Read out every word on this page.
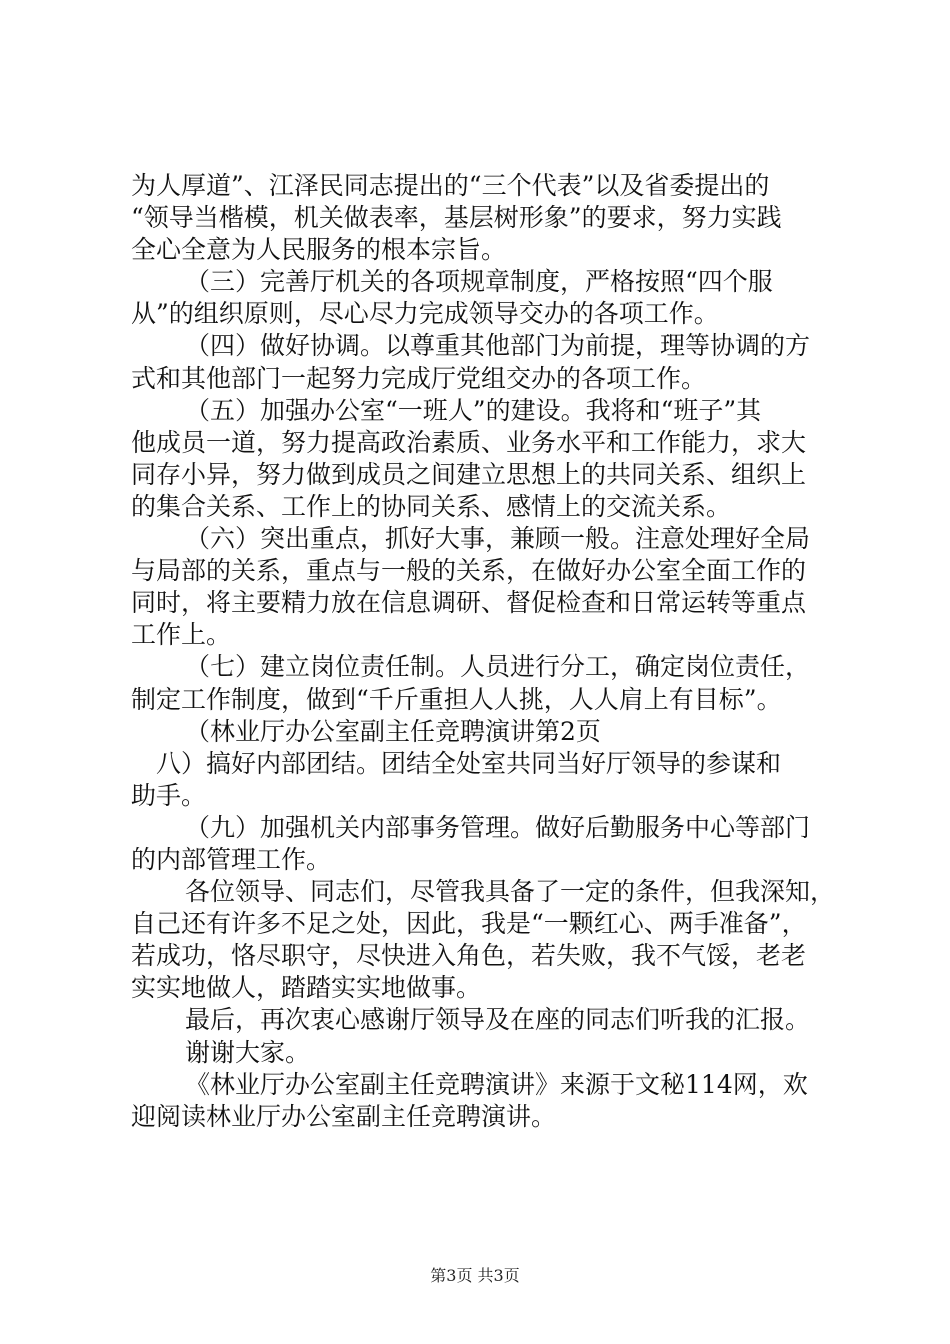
为人厚道”、江泽民同志提出的“三个代表”以及省委提出的
“领导当楷模，机关做表率，基层树形象”的要求，努力实践
全心全意为人民服务的根本宗旨。
（三）完善厅机关的各项规章制度，严格按照“四个服
从”的组织原则，尽心尽力完成领导交办的各项工作。
（四）做好协调。以尊重其他部门为前提，理等协调的方
式和其他部门一起努力完成厅党组交办的各项工作。
（五）加强办公室“一班人”的建设。我将和“班子”其
他成员一道，努力提高政治素质、业务水平和工作能力，求大
同存小异，努力做到成员之间建立思想上的共同关系、组织上
的集合关系、工作上的协同关系、感情上的交流关系。
（六）突出重点，抓好大事，兼顾一般。注意处理好全局
与局部的关系，重点与一般的关系，在做好办公室全面工作的
同时，将主要精力放在信息调研、督促检查和日常运转等重点
工作上。
（七）建立岗位责任制。人员进行分工，确定岗位责任，
制定工作制度，做到“千斤重担人人挑，人人肩上有目标”。
（林业厅办公室副主任竞聘演讲第2页
八）搞好内部团结。团结全处室共同当好厅领导的参谋和
助手。
（九）加强机关内部事务管理。做好后勤服务中心等部门
的内部管理工作。
各位领导、同志们，尽管我具备了一定的条件，但我深知，
自己还有许多不足之处，因此，我是“一颗红心、两手准备”，
若成功，恪尽职守，尽快进入角色，若失败，我不气馁，老老
实实地做人，踏踏实实地做事。
最后，再次衷心感谢厅领导及在座的同志们听我的汇报。
谢谢大家。
《林业厅办公室副主任竞聘演讲》来源于文秘114网，欢
迎阅读林业厅办公室副主任竞聘演讲。
第3页 共3页
